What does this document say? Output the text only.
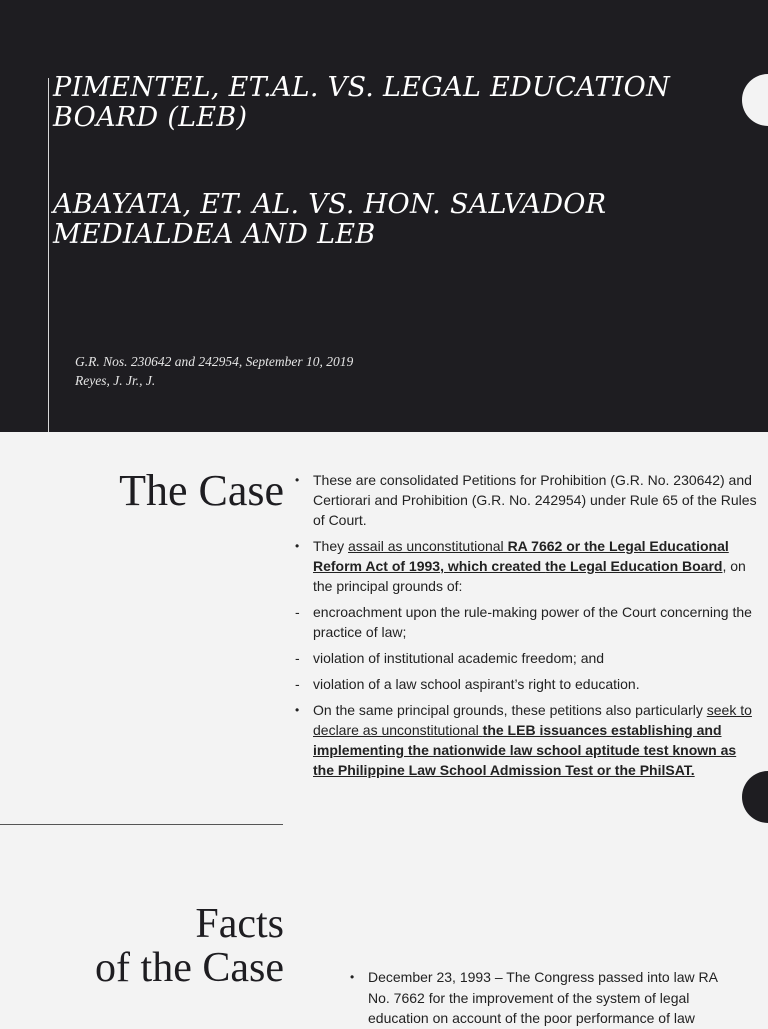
PIMENTEL, ET.AL. VS. LEGAL EDUCATION BOARD (LEB)
ABAYATA, ET. AL. VS. HON. SALVADOR MEDIALDEA AND LEB
G.R. Nos. 230642 and 242954, September 10, 2019
Reyes, J. Jr., J.
The Case • These are consolidated Petitions for Prohibition (G.R. No. 230642) and Certiorari and Prohibition (G.R. No. 242954) under Rule 65 of the Rules of Court.
• They assail as unconstitutional RA 7662 or the Legal Educational Reform Act of 1993, which created the Legal Education Board, on the principal grounds of:
- encroachment upon the rule-making power of the Court concerning the practice of law;
- violation of institutional academic freedom; and
- violation of a law school aspirant’s right to education.
• On the same principal grounds, these petitions also particularly seek to declare as unconstitutional the LEB issuances establishing and implementing the nationwide law school aptitude test known as the Philippine Law School Admission Test or the PhilSAT.
Facts
of the Case	• December 23, 1993 – The Congress passed into law RA No. 7662 for the improvement of the system of legal education on account of the poor performance of law
